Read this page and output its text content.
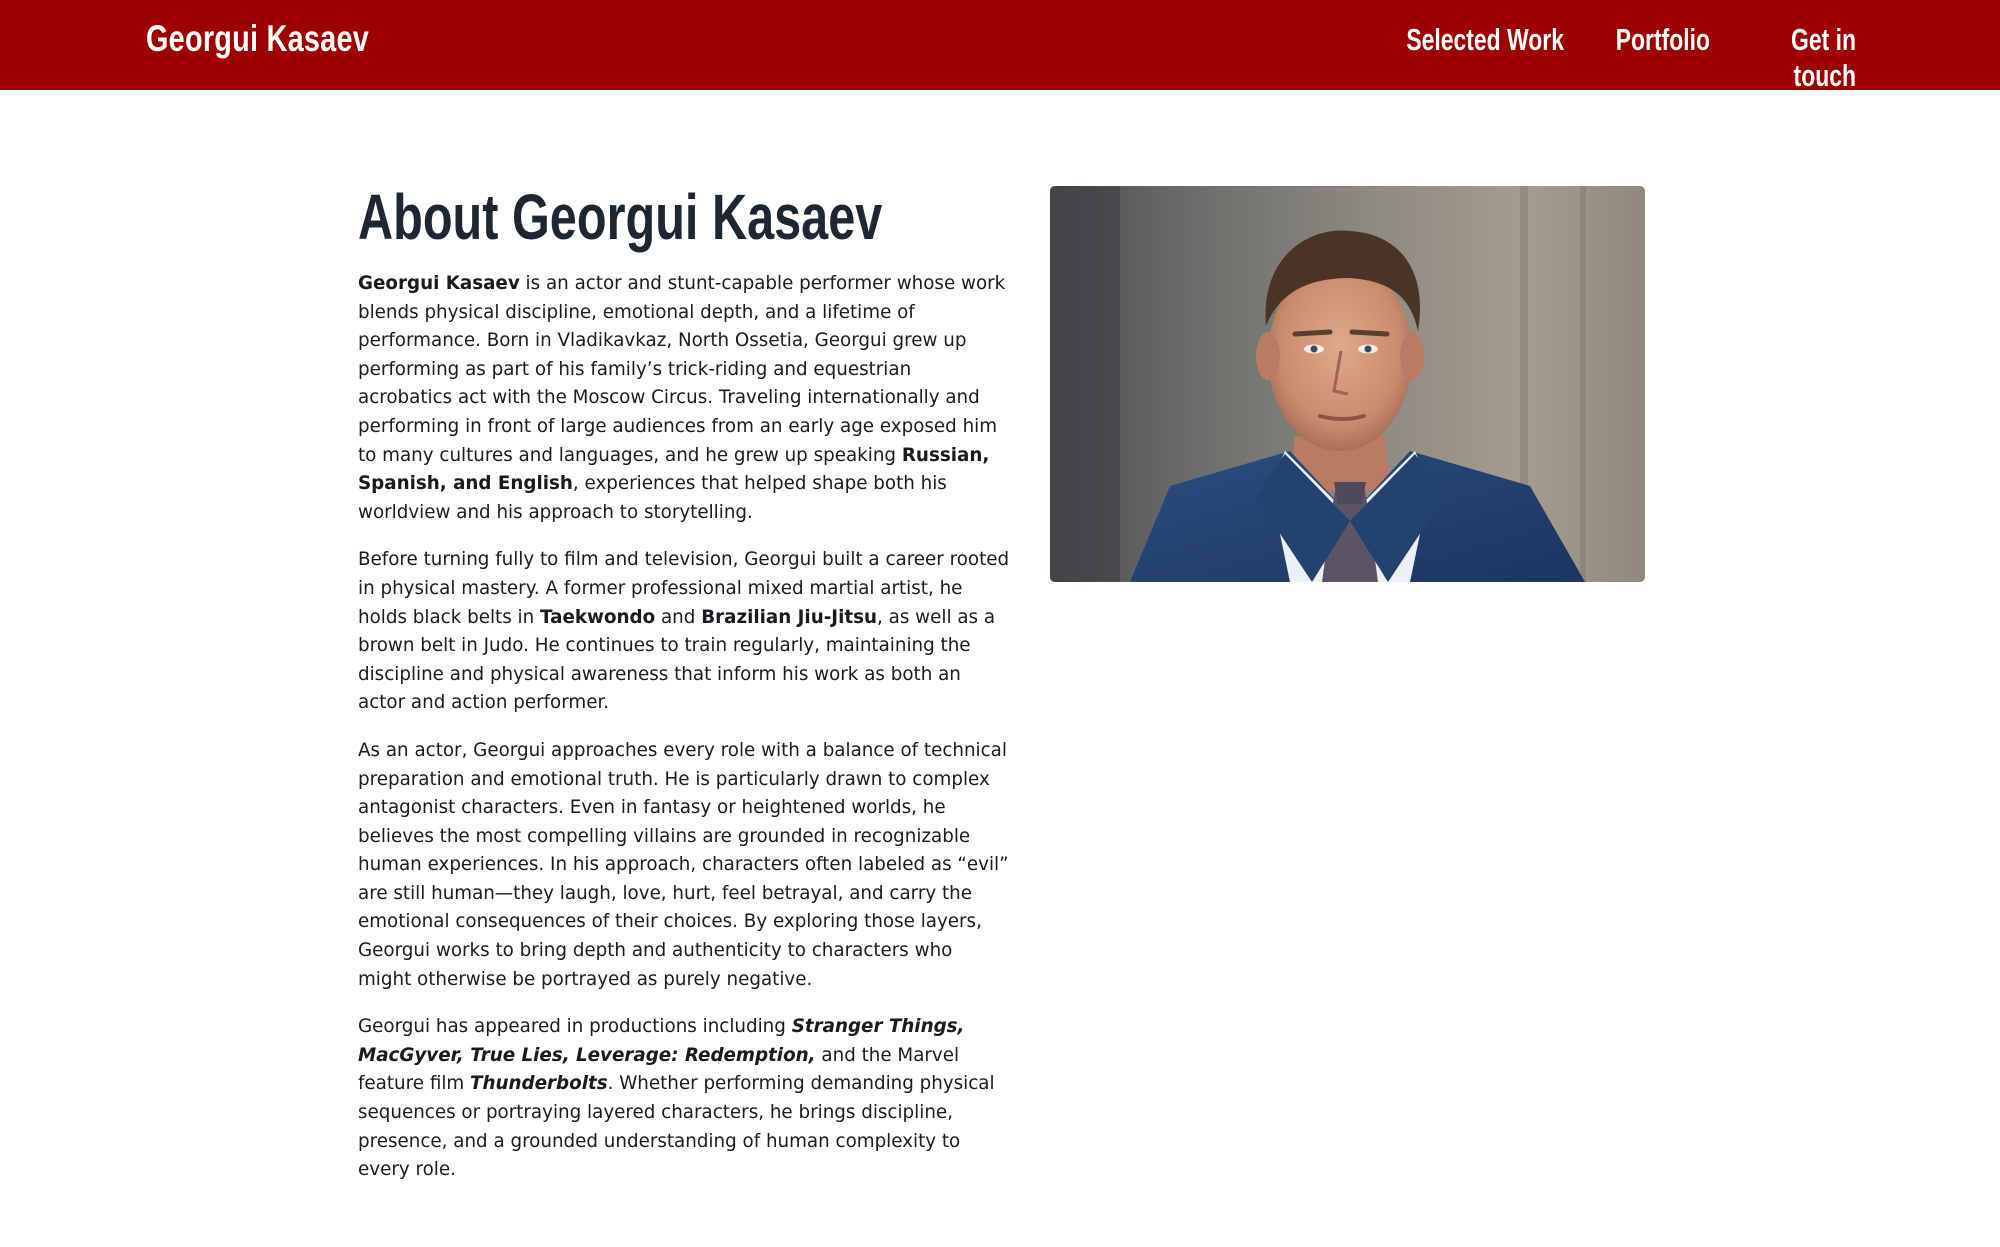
Georgui Kasaev	Selected Work	Portfolio	Get in touch
About Georgui Kasaev

Georgui Kasaev is an actor and stunt-capable performer whose work blends physical discipline, emotional depth, and a lifetime of performance. Born in Vladikavkaz, North Ossetia, Georgui grew up performing as part of his family’s trick-riding and equestrian acrobatics act with the Moscow Circus. Traveling internationally and performing in front of large audiences from an early age exposed him to many cultures and languages, and he grew up speaking Russian, Spanish, and English, experiences that helped shape both his worldview and his approach to storytelling.

Before turning fully to film and television, Georgui built a career rooted in physical mastery. A former professional mixed martial artist, he holds black belts in Taekwondo and Brazilian Jiu-Jitsu, as well as a brown belt in Judo. He continues to train regularly, maintaining the discipline and physical awareness that inform his work as both an actor and action performer.

As an actor, Georgui approaches every role with a balance of technical preparation and emotional truth. He is particularly drawn to complex antagonist characters. Even in fantasy or heightened worlds, he believes the most compelling villains are grounded in recognizable human experiences. In his approach, characters often labeled as “evil” are still human—they laugh, love, hurt, feel betrayal, and carry the emotional consequences of their choices. By exploring those layers, Georgui works to bring depth and authenticity to characters who might otherwise be portrayed as purely negative.

Georgui has appeared in productions including Stranger Things, MacGyver, True Lies, Leverage: Redemption, and the Marvel feature film Thunderbolts. Whether performing demanding physical sequences or portraying layered characters, he brings discipline, presence, and a grounded understanding of human complexity to every role.
